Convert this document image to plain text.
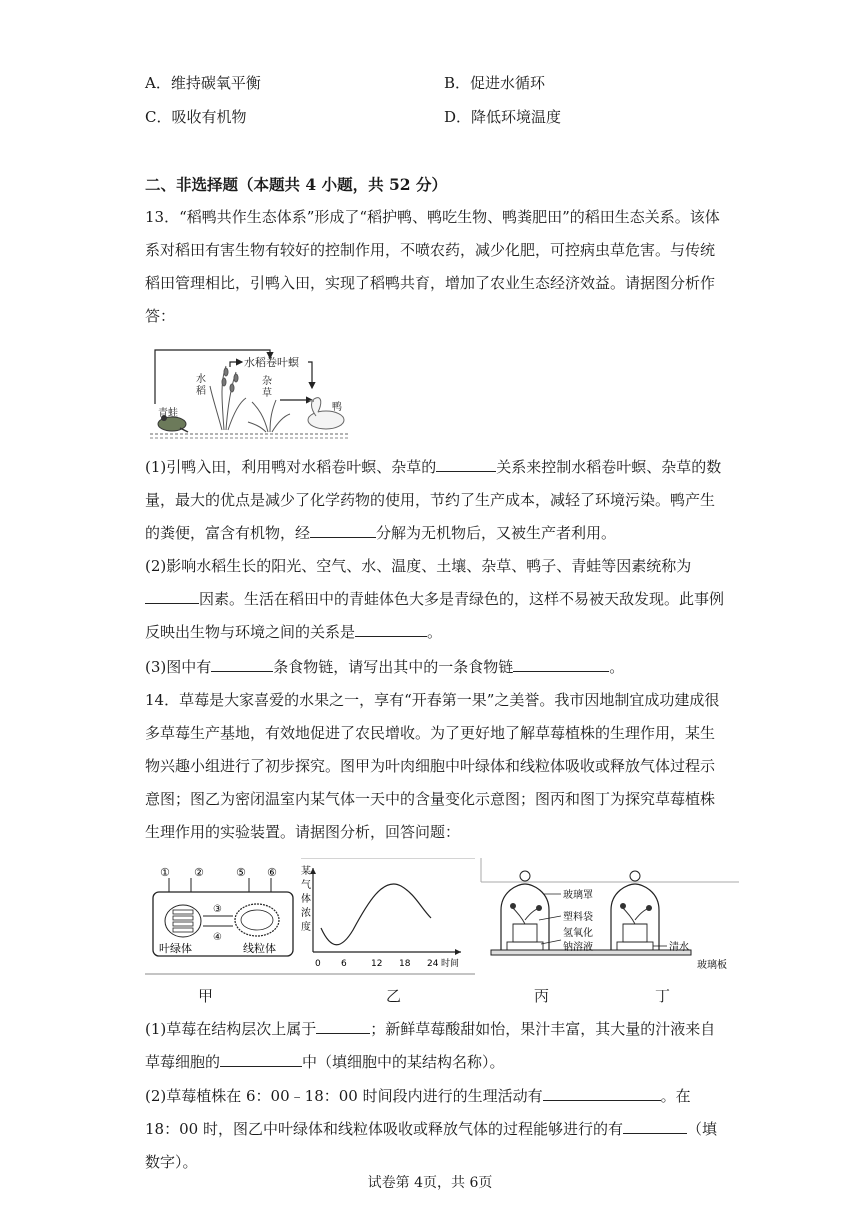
A．维持碳氧平衡	B．促进水循环
C．吸收有机物	D．降低环境温度
二、非选择题（本题共 4 小题，共 52 分）
13．“稻鸭共作生态体系”形成了“稻护鸭、鸭吃生物、鸭粪肥田”的稻田生态关系。该体系对稻田有害生物有较好的控制作用，不喷农药，减少化肥，可控病虫草危害。与传统稻田管理相比，引鸭入田，实现了稻鸭共育，增加了农业生态经济效益。请据图分析作答：
水稻卷叶螟
水
稻
杂
草
鸭
青蛙
(1)引鸭入田，利用鸭对水稻卷叶螟、杂草的	关系来控制水稻卷叶螟、杂草的数量，最大的优点是减少了化学药物的使用，节约了生产成本，减轻了环境污染。鸭产生的粪便，富含有机物，经	分解为无机物后，又被生产者利用。
(2)影响水稻生长的阳光、空气、水、温度、土壤、杂草、鸭子、青蛙等因素统称为因素。生活在稻田中的青蛙体色大多是青绿色的，这样不易被天敌发现。此事例反映出生物与环境之间的关系是	。
(3)图中有	条食物链，请写出其中的一条食物链	。
14．草莓是大家喜爱的水果之一，享有“开春第一果”之美誉。我市因地制宜成功建成很多草莓生产基地，有效地促进了农民增收。为了更好地了解草莓植株的生理作用，某生物兴趣小组进行了初步探究。图甲为叶肉细胞中叶绿体和线粒体吸收或释放气体过程示意图；图乙为密闭温室内某气体一天中的含量变化示意图；图丙和图丁为探究草莓植株生理作用的实验装置。请据图分析，回答问题：
① ②	⑤ ⑥
③
④
叶绿体	线粒体
某
气
体
浓
度
0 6	12 18 24 时间
玻璃罩
塑料袋
氢氧化
钠溶液	清水
玻璃板
甲	乙	丙	丁
(1)草莓在结构层次上属于	；新鲜草莓酸甜如怡，果汁丰富，其大量的汁液来自草莓细胞的	中（填细胞中的某结构名称）。
(2)草莓植株在 6：00﹣18：00 时间段内进行的生理活动有	。在 18：00 时，图乙中叶绿体和线粒体吸收或释放气体的过程能够进行的有	（填数字）。
试卷第 4页，共 6页
